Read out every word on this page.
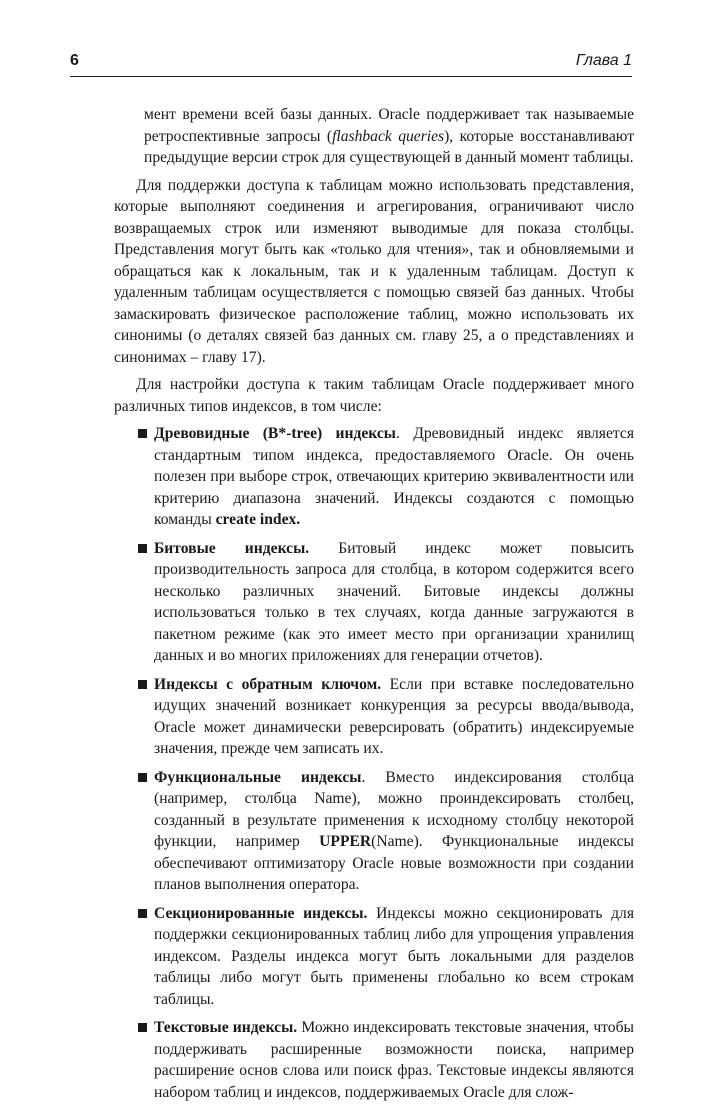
6	Глава 1

мент времени всей базы данных. Oracle поддерживает так называемые ретроспективные запросы (flashback queries), которые восстанавливают предыдущие версии строк для существующей в данный момент таблицы.

Для поддержки доступа к таблицам можно использовать представления, которые выполняют соединения и агрегирования, ограничивают число возвращаемых строк или изменяют выводимые для показа столбцы. Представления могут быть как «только для чтения», так и обновляемыми и обращаться как к локальным, так и к удаленным таблицам. Доступ к удаленным таблицам осуществляется с помощью связей баз данных. Чтобы замаскировать физическое расположение таблиц, можно использовать их синонимы (о деталях связей баз данных см. главу 25, а о представлениях и синонимах – главу 17).

Для настройки доступа к таким таблицам Oracle поддерживает много различных типов индексов, в том числе:

Древовидные (B*-tree) индексы. Древовидный индекс является стандартным типом индекса, предоставляемого Oracle. Он очень полезен при выборе строк, отвечающих критерию эквивалентности или критерию диапазона значений. Индексы создаются с помощью команды create index.
Битовые индексы. Битовый индекс может повысить производительность запроса для столбца, в котором содержится всего несколько различных значений. Битовые индексы должны использоваться только в тех случаях, когда данные загружаются в пакетном режиме (как это имеет место при организации хранилищ данных и во многих приложениях для генерации отчетов).
Индексы с обратным ключом. Если при вставке последовательно идущих значений возникает конкуренция за ресурсы ввода/вывода, Oracle может динамически реверсировать (обратить) индексируемые значения, прежде чем записать их.
Функциональные индексы. Вместо индексирования столбца (например, столбца Name), можно проиндексировать столбец, созданный в результате применения к исходному столбцу некоторой функции, например UPPER(Name). Функциональные индексы обеспечивают оптимизатору Oracle новые возможности при создании планов выполнения оператора.
Секционированные индексы. Индексы можно секционировать для поддержки секционированных таблиц либо для упрощения управления индексом. Разделы индекса могут быть локальными для разделов таблицы либо могут быть применены глобально ко всем строкам таблицы.
Текстовые индексы. Можно индексировать текстовые значения, чтобы поддерживать расширенные возможности поиска, например расширение основ слова или поиск фраз. Текстовые индексы являются набором таблиц и индексов, поддерживаемых Oracle для слож-
